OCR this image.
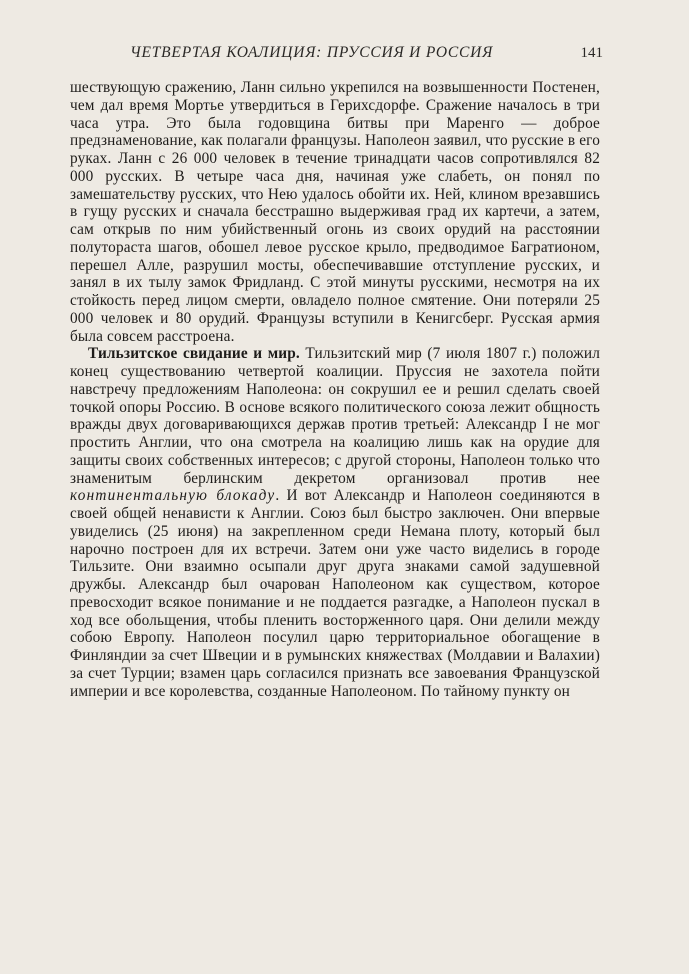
ЧЕТВЕРТАЯ КОАЛИЦИЯ: ПРУССИЯ И РОССИЯ	141

шествующую сражению, Ланн сильно укрепился на возвышенности Постенен, чем дал время Мортье утвердиться в Герихсдорфе. Сражение началось в три часа утра. Это была годовщина битвы при Маренго — доброе предзнаменование, как полагали французы. Наполеон заявил, что русские в его руках. Ланн с 26 000 человек в течение тринадцати часов сопротивлялся 82 000 русских. В четыре часа дня, начиная уже слабеть, он понял по замешательству русских, что Нею удалось обойти их. Ней, клином врезавшись в гущу русских и сначала бесстрашно выдерживая град их картечи, а затем, сам открыв по ним убийственный огонь из своих орудий на расстоянии полутораста шагов, обошел левое русское крыло, предводимое Багратионом, перешел Алле, разрушил мосты, обеспечивавшие отступление русских, и занял в их тылу замок Фридланд. С этой минуты русскими, несмотря на их стойкость перед лицом смерти, овладело полное смятение. Они потеряли 25 000 человек и 80 орудий. Французы вступили в Кенигсберг. Русская армия была совсем расстроена.

Тильзитское свидание и мир. Тильзитский мир (7 июля 1807 г.) положил конец существованию четвертой коалиции. Пруссия не захотела пойти навстречу предложениям Наполеона: он сокрушил ее и решил сделать своей точкой опоры Россию. В основе всякого политического союза лежит общность вражды двух договаривающихся держав против третьей: Александр I не мог простить Англии, что она смотрела на коалицию лишь как на орудие для защиты своих собственных интересов; с другой стороны, Наполеон только что знаменитым берлинским декретом организовал против нее континентальную блокаду. И вот Александр и Наполеон соединяются в своей общей ненависти к Англии. Союз был быстро заключен. Они впервые увиделись (25 июня) на закрепленном среди Немана плоту, который был нарочно построен для их встречи. Затем они уже часто виделись в городе Тильзите. Они взаимно осыпали друг друга знаками самой задушевной дружбы. Александр был очарован Наполеоном как существом, которое превосходит всякое понимание и не поддается разгадке, а Наполеон пускал в ход все обольщения, чтобы пленить восторженного царя. Они делили между собою Европу. Наполеон посулил царю территориальное обогащение в Финляндии за счет Швеции и в румынских княжествах (Молдавии и Валахии) за счет Турции; взамен царь согласился признать все завоевания Французской империи и все королевства, созданные Наполеоном. По тайному пункту он
